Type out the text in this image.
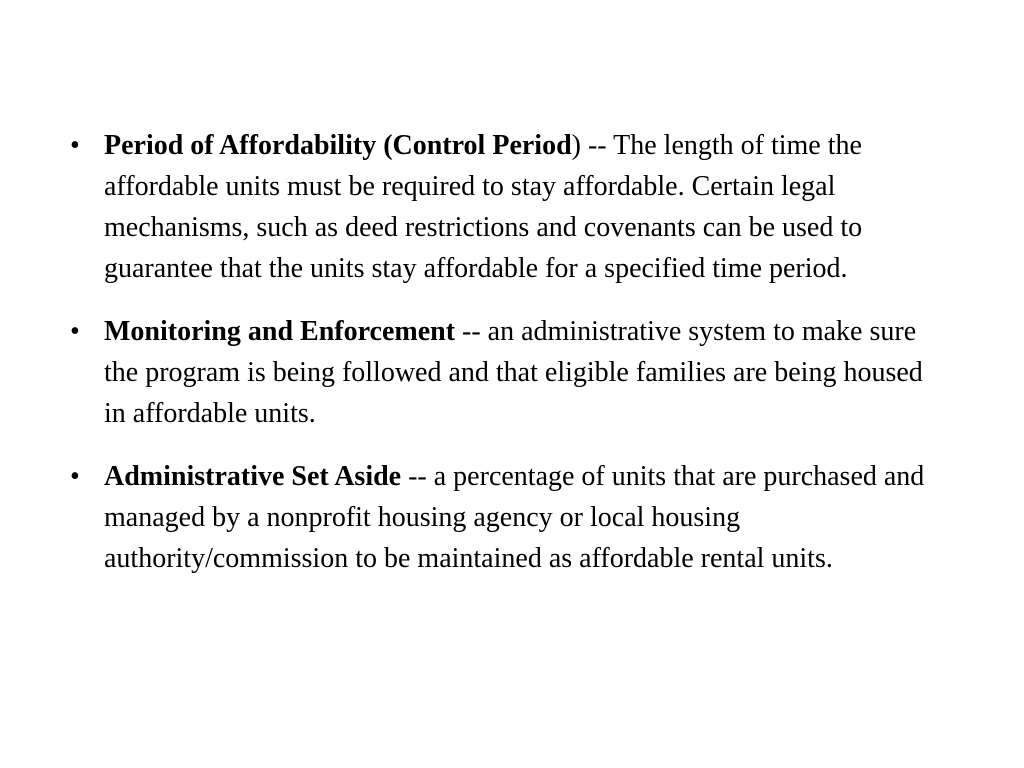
• Period of Affordability (Control Period) -- The length of time the affordable units must be required to stay affordable. Certain legal mechanisms, such as deed restrictions and covenants can be used to guarantee that the units stay affordable for a specified time period.
• Monitoring and Enforcement -- an administrative system to make sure the program is being followed and that eligible families are being housed in affordable units.
• Administrative Set Aside -- a percentage of units that are purchased and managed by a nonprofit housing agency or local housing authority/commission to be maintained as affordable rental units.
